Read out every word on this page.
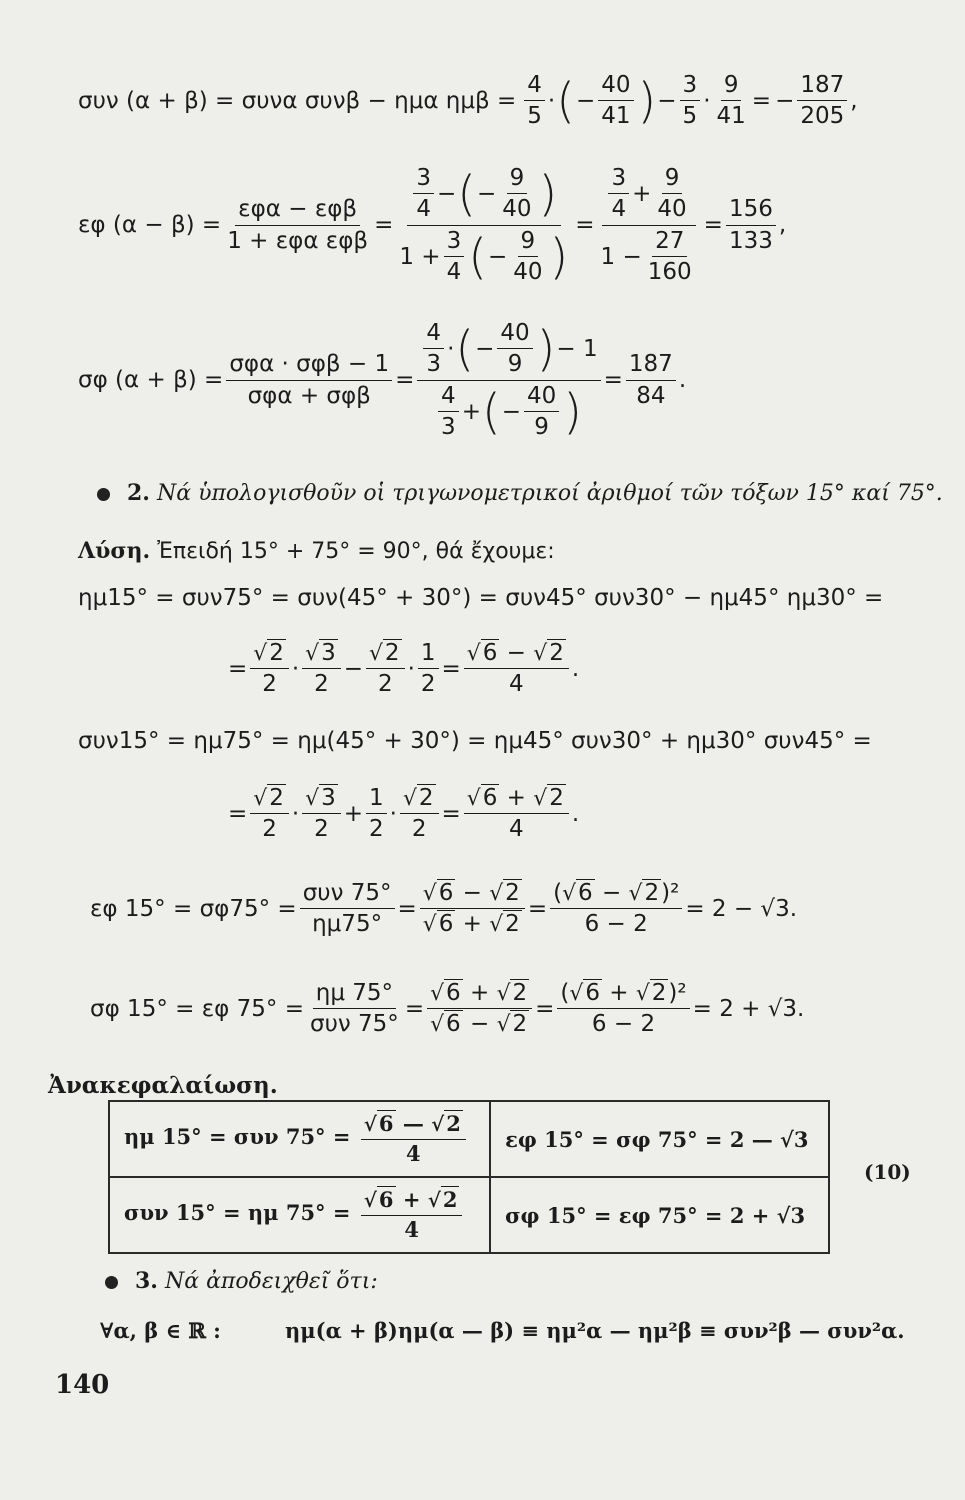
συν (α + β) = συνα συνβ − ημα $\eta\mu\beta = \frac{4}{5}$ · ( − $\frac{40}{41}$ ) − $\frac{3}{5} \cdot \frac{9}{41}$ = − $\frac{187}{205}$ ,
εφ $(\alpha - \beta) = \frac{\text{εφα − εφβ}}{\text{1 + εφα εφβ}} = \frac{\frac{3}{4} - ( - \frac{9}{40} )}{1 + \frac{3}{4} ( - \frac{9}{40} )} = \frac{\frac{3}{4} + \frac{9}{40}}{1 - \frac{27}{160}} = \frac{156}{133}$ ,
σφ $(\alpha + \beta) = \frac{\text{σφα · σφβ − 1}}{\text{σφα + σφβ}} = \frac{\frac{4}{3} \cdot ( - \frac{40}{9} ) - 1}{\frac{4}{3} + ( - \frac{40}{9} )} = \frac{187}{84}$ .
2. Νά ὑπολογισθοῦν οἱ τριγωνομετρικοί ἀριθμοί τῶν τόξων 15° καί 75°.
Λύση. Ἐπειδή 15° + 75° = 90°, θά ἔχουμε:
ημ15° = συν75° = συν(45° + 30°) = συν45° συν30° − ημ45° ημ30° =
= $\frac{√2}{2} \cdot \frac{√3}{2} - \frac{√2}{2} \cdot \frac{1}{2} = \frac{√6 - √2}{4}$ .
συν15° = ημ75° = ημ(45° + 30°) = ημ45° συν30° + ημ30° συν45° =
= $\frac{√2}{2} \cdot \frac{√3}{2} + \frac{1}{2} \cdot \frac{√2}{2} = \frac{√6 + √2}{4}$ .
εφ $15^\circ = \sigma\varphi 75^\circ = \frac{\text{συν 75°}}{\eta\mu 75^\circ} = \frac{√6 - √2}{√6 + √2} = \frac{\text{(√6 − √2)²}}{6 - 2} = 2 - √3$.
σφ 15° = εφ $75^\circ = \frac{\eta\mu 75^\circ}{\text{συν 75°}} = \frac{√6 + √2}{√6 - √2} = \frac{\text{(√6 + √2)²}}{6 - 2} = 2 + √3$.
Ἀνακεφαλαίωση.
ημ 15° = συν $75^\circ = \frac{√6 — √2}{4}$	εφ 15° = σφ 75° = 2 — √3
συν 15° = ημ $75^\circ = \frac{√6 + √2}{4}$	σφ 15° = εφ 75° = 2 + √3
(10)
3. Νά ἀποδειχθεῖ ὅτι:
∀α, β ∈ ℝ :	ημ(α + β)ημ(α — β) ≡ ημ²α — ημ²β ≡ συν²β — συν²α.
140
